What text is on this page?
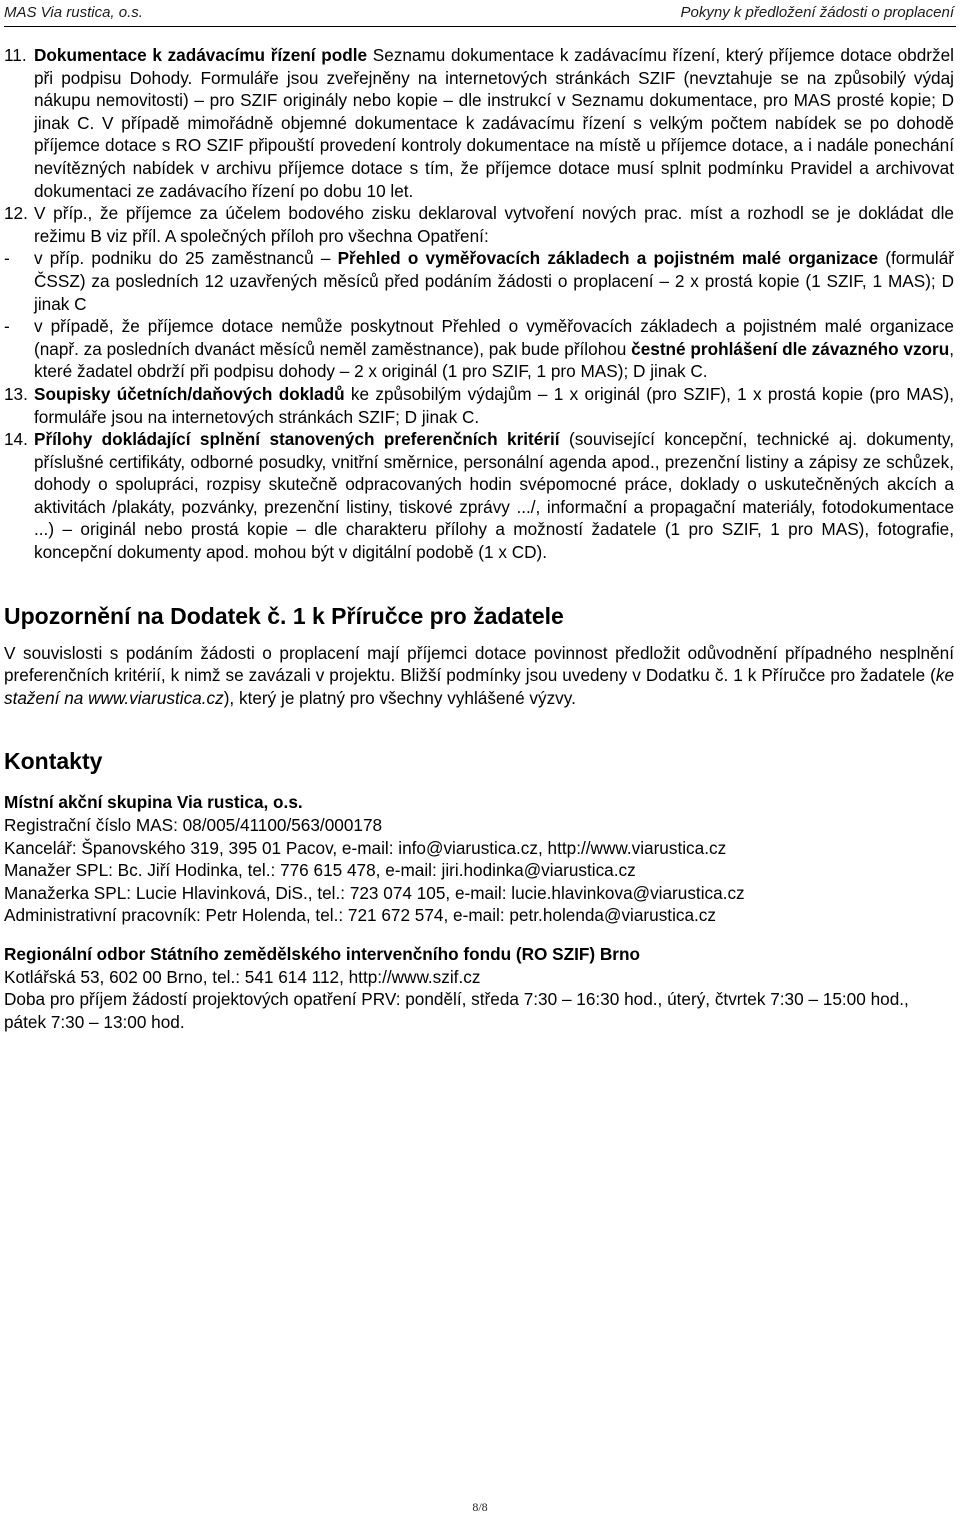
MAS Via rustica, o.s.	Pokyny k předložení žádosti o proplacení
11. Dokumentace k zadávacímu řízení podle Seznamu dokumentace k zadávacímu řízení, který příjemce dotace obdržel při podpisu Dohody. Formuláře jsou zveřejněny na internetových stránkách SZIF (nevztahuje se na způsobilý výdaj nákupu nemovitosti) – pro SZIF originály nebo kopie – dle instrukcí v Seznamu dokumentace, pro MAS prosté kopie; D jinak C. V případě mimořádně objemné dokumentace k zadávacímu řízení s velkým počtem nabídek se po dohodě příjemce dotace s RO SZIF připouští provedení kontroly dokumentace na místě u příjemce dotace, a i nadále ponechání nevítězných nabídek v archivu příjemce dotace s tím, že příjemce dotace musí splnit podmínku Pravidel a archivovat dokumentaci ze zadávacího řízení po dobu 10 let.
12. V příp., že příjemce za účelem bodového zisku deklaroval vytvoření nových prac. míst a rozhodl se je dokládat dle režimu B viz příl. A společných příloh pro všechna Opatření:
-	v příp. podniku do 25 zaměstnanců – Přehled o vyměřovacích základech a pojistném malé organizace (formulář ČSSZ) za posledních 12 uzavřených měsíců před podáním žádosti o proplacení – 2 x prostá kopie (1 SZIF, 1 MAS); D jinak C
-	v případě, že příjemce dotace nemůže poskytnout Přehled o vyměřovacích základech a pojistném malé organizace (např. za posledních dvanáct měsíců neměl zaměstnance), pak bude přílohou čestné prohlášení dle závazného vzoru, které žadatel obdrží při podpisu dohody – 2 x originál (1 pro SZIF, 1 pro MAS); D jinak C.
13. Soupisky účetních/daňových dokladů ke způsobilým výdajům – 1 x originál (pro SZIF), 1 x prostá kopie (pro MAS), formuláře jsou na internetových stránkách SZIF; D jinak C.
14. Přílohy dokládající splnění stanovených preferenčních kritérií (související koncepční, technické aj. dokumenty, příslušné certifikáty, odborné posudky, vnitřní směrnice, personální agenda apod., prezenční listiny a zápisy ze schůzek, dohody o spolupráci, rozpisy skutečně odpracovaných hodin svépomocné práce, doklady o uskutečněných akcích a aktivitách /plakáty, pozvánky, prezenční listiny, tiskové zprávy .../, informační a propagační materiály, fotodokumentace ...) – originál nebo prostá kopie – dle charakteru přílohy a možností žadatele (1 pro SZIF, 1 pro MAS), fotografie, koncepční dokumenty apod. mohou být v digitální podobě (1 x CD).
Upozornění na Dodatek č. 1 k Příručce pro žadatele
V souvislosti s podáním žádosti o proplacení mají příjemci dotace povinnost předložit odůvodnění případného nesplnění preferenčních kritérií, k nimž se zavázali v projektu. Bližší podmínky jsou uvedeny v Dodatku č. 1 k Příručce pro žadatele (ke stažení na www.viarustica.cz), který je platný pro všechny vyhlášené výzvy.
Kontakty
Místní akční skupina Via rustica, o.s.
Registrační číslo MAS: 08/005/41100/563/000178
Kancelář: Španovského 319, 395 01 Pacov, e-mail: info@viarustica.cz, http://www.viarustica.cz
Manažer SPL: Bc. Jiří Hodinka, tel.: 776 615 478, e-mail: jiri.hodinka@viarustica.cz
Manažerka SPL: Lucie Hlavinková, DiS., tel.: 723 074 105, e-mail: lucie.hlavinkova@viarustica.cz
Administrativní pracovník: Petr Holenda, tel.: 721 672 574, e-mail: petr.holenda@viarustica.cz
Regionální odbor Státního zemědělského intervenčního fondu (RO SZIF) Brno
Kotlářská 53, 602 00 Brno, tel.: 541 614 112, http://www.szif.cz
Doba pro příjem žádostí projektových opatření PRV: pondělí, středa 7:30 – 16:30 hod., úterý, čtvrtek 7:30 – 15:00 hod., pátek 7:30 – 13:00 hod.
8/8
